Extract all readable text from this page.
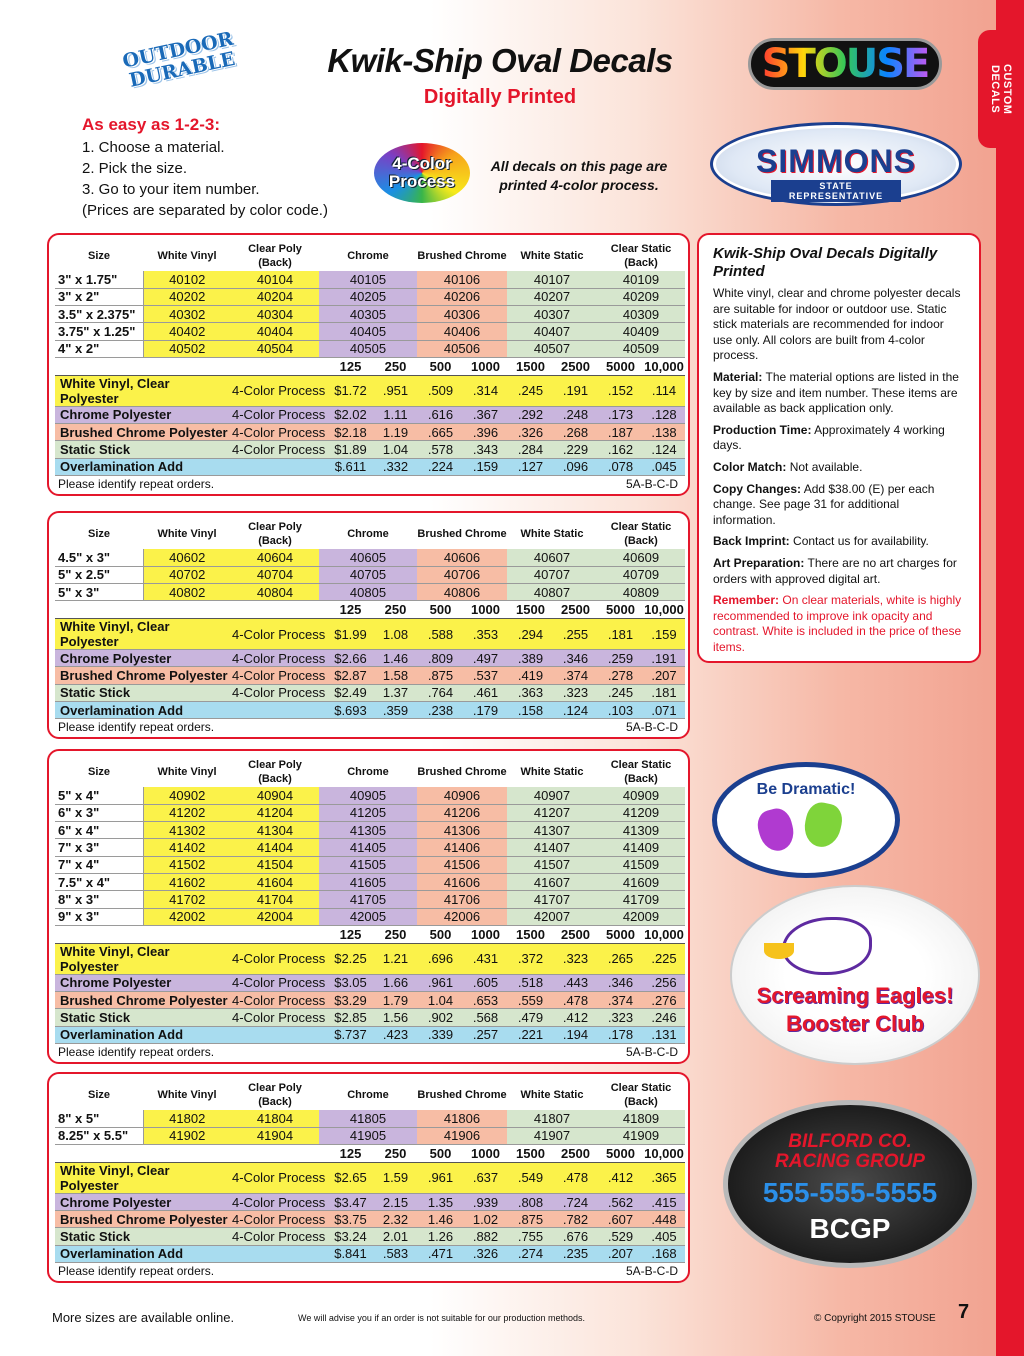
CUSTOM
DECALS
OUTDOOR DURABLE	Kwik-Ship Oval Decals
Digitally Printed
As easy as 1-2-3:
1. Choose a material.
2. Pick the size.
3. Go to your item number.
(Prices are separated by color code.)
4-Color Process
All decals on this page are printed 4-color process.
STOUSE
SIMMONS
STATE REPRESENTATIVE
Size	White Vinyl	Clear Poly (Back)	Chrome	Brushed Chrome	White Static	Clear Static (Back)
3" x 1.75"	40102	40104	40105	40106	40107	40109
3" x 2"	40202	40204	40205	40206	40207	40209
3.5" x 2.375"	40302	40304	40305	40306	40307	40309
3.75" x 1.25"	40402	40404	40405	40406	40407	40409
4" x 2"	40502	40504	40505	40506	40507	40509
		125	250	500	1000	1500	2500	5000	10,000
White Vinyl, Clear Polyester	4-Color Process	$1.72	.951	.509	.314	.245	.191	.152	.114
Chrome Polyester	4-Color Process	$2.02	1.11	.616	.367	.292	.248	.173	.128
Brushed Chrome Polyester	4-Color Process	$2.18	1.19	.665	.396	.326	.268	.187	.138
Static Stick	4-Color Process	$1.89	1.04	.578	.343	.284	.229	.162	.124
Overlamination Add		$.611	.332	.224	.159	.127	.096	.078	.045
Please identify repeat orders.	5A-B-C-D
Size	White Vinyl	Clear Poly (Back)	Chrome	Brushed Chrome	White Static	Clear Static (Back)
4.5" x 3"	40602	40604	40605	40606	40607	40609
5" x 2.5"	40702	40704	40705	40706	40707	40709
5" x 3"	40802	40804	40805	40806	40807	40809
		125	250	500	1000	1500	2500	5000	10,000
White Vinyl, Clear Polyester	4-Color Process	$1.99	1.08	.588	.353	.294	.255	.181	.159
Chrome Polyester	4-Color Process	$2.66	1.46	.809	.497	.389	.346	.259	.191
Brushed Chrome Polyester	4-Color Process	$2.87	1.58	.875	.537	.419	.374	.278	.207
Static Stick	4-Color Process	$2.49	1.37	.764	.461	.363	.323	.245	.181
Overlamination Add		$.693	.359	.238	.179	.158	.124	.103	.071
Please identify repeat orders.	5A-B-C-D
Size	White Vinyl	Clear Poly (Back)	Chrome	Brushed Chrome	White Static	Clear Static (Back)
5" x 4"	40902	40904	40905	40906	40907	40909
6" x 3"	41202	41204	41205	41206	41207	41209
6" x 4"	41302	41304	41305	41306	41307	41309
7" x 3"	41402	41404	41405	41406	41407	41409
7" x 4"	41502	41504	41505	41506	41507	41509
7.5" x 4"	41602	41604	41605	41606	41607	41609
8" x 3"	41702	41704	41705	41706	41707	41709
9" x 3"	42002	42004	42005	42006	42007	42009
		125	250	500	1000	1500	2500	5000	10,000
White Vinyl, Clear Polyester	4-Color Process	$2.25	1.21	.696	.431	.372	.323	.265	.225
Chrome Polyester	4-Color Process	$3.05	1.66	.961	.605	.518	.443	.346	.256
Brushed Chrome Polyester	4-Color Process	$3.29	1.79	1.04	.653	.559	.478	.374	.276
Static Stick	4-Color Process	$2.85	1.56	.902	.568	.479	.412	.323	.246
Overlamination Add		$.737	.423	.339	.257	.221	.194	.178	.131
Please identify repeat orders.	5A-B-C-D
Size	White Vinyl	Clear Poly (Back)	Chrome	Brushed Chrome	White Static	Clear Static (Back)
8" x 5"	41802	41804	41805	41806	41807	41809
8.25" x 5.5"	41902	41904	41905	41906	41907	41909
		125	250	500	1000	1500	2500	5000	10,000
White Vinyl, Clear Polyester	4-Color Process	$2.65	1.59	.961	.637	.549	.478	.412	.365
Chrome Polyester	4-Color Process	$3.47	2.15	1.35	.939	.808	.724	.562	.415
Brushed Chrome Polyester	4-Color Process	$3.75	2.32	1.46	1.02	.875	.782	.607	.448
Static Stick	4-Color Process	$3.24	2.01	1.26	.882	.755	.676	.529	.405
Overlamination Add		$.841	.583	.471	.326	.274	.235	.207	.168
Please identify repeat orders.	5A-B-C-D
Kwik-Ship Oval Decals Digitally Printed

White vinyl, clear and chrome polyester decals are suitable for indoor or outdoor use. Static stick materials are recommended for indoor use only. All colors are built from 4-color process.

Material: The material options are listed in the key by size and item number. These items are available as back application only.

Production Time: Approximately 4 working days.

Color Match: Not available.

Copy Changes: Add $38.00 (E) per each change. See page 31 for additional information.

Back Imprint: Contact us for availability.

Art Preparation: There are no art charges for orders with approved digital art.

Remember: On clear materials, white is highly recommended to improve ink opacity and contrast. White is included in the price of these items.

Be Dramatic!
Screaming Eagles!
Booster Club
BILFORD CO.
RACING GROUP
555-555-5555
BCGP
More sizes are available online.	We will advise you if an order is not suitable for our production methods.	© Copyright 2015 STOUSE 7
